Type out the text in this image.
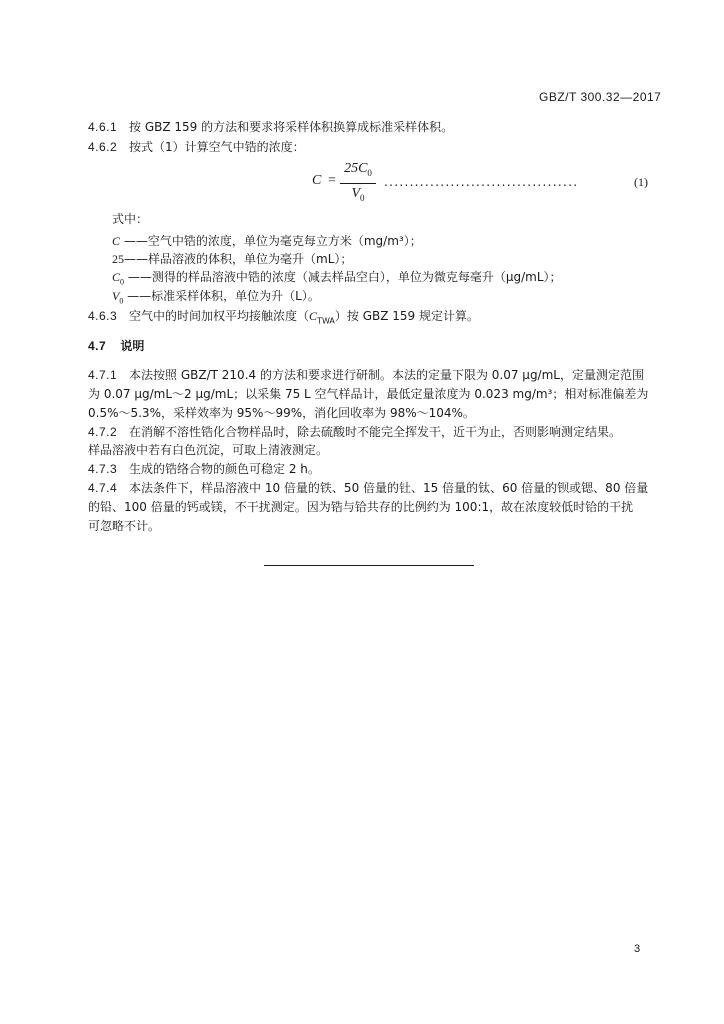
GBZ/T 300.32—2017
4.6.1 按 GBZ 159 的方法和要求将采样体积换算成标准采样体积。
4.6.2 按式（1）计算空气中锆的浓度：
C =
$25C_0$
$V_0$
......................................	(1)
式中：
C ——空气中锆的浓度，单位为毫克每立方米（mg/m³）；
25——样品溶液的体积，单位为毫升（mL）；
$C_0$ ——测得的样品溶液中锆的浓度（减去样品空白），单位为微克每毫升（μg/mL）；
$V_0$ ——标准采样体积，单位为升（L）。
4.6.3 空气中的时间加权平均接触浓度$(C_{TWA})$按 GBZ 159 规定计算。
4.7 说明
4.7.1 本法按照 GBZ/T 210.4 的方法和要求进行研制。本法的定量下限为 0.07 μg/mL，定量测定范围
为 0.07 μg/mL～2 μg/mL；以采集 75 L 空气样品计，最低定量浓度为 0.023 mg/m³；相对标准偏差为
0.5%～5.3%，采样效率为 95%～99%，消化回收率为 98%～104%。
4.7.2 在消解不溶性锆化合物样品时，除去硫酸时不能完全挥发干，近干为止，否则影响测定结果。
样品溶液中若有白色沉淀，可取上清液测定。
4.7.3 生成的锆络合物的颜色可稳定 2 h。
4.7.4 本法条件下，样品溶液中 10 倍量的铁、50 倍量的钍、15 倍量的钛、60 倍量的钡或锶、80 倍量
的铅、100 倍量的钙或镁，不干扰测定。因为锆与铪共存的比例约为 100:1，故在浓度较低时铪的干扰
可忽略不计。
3
